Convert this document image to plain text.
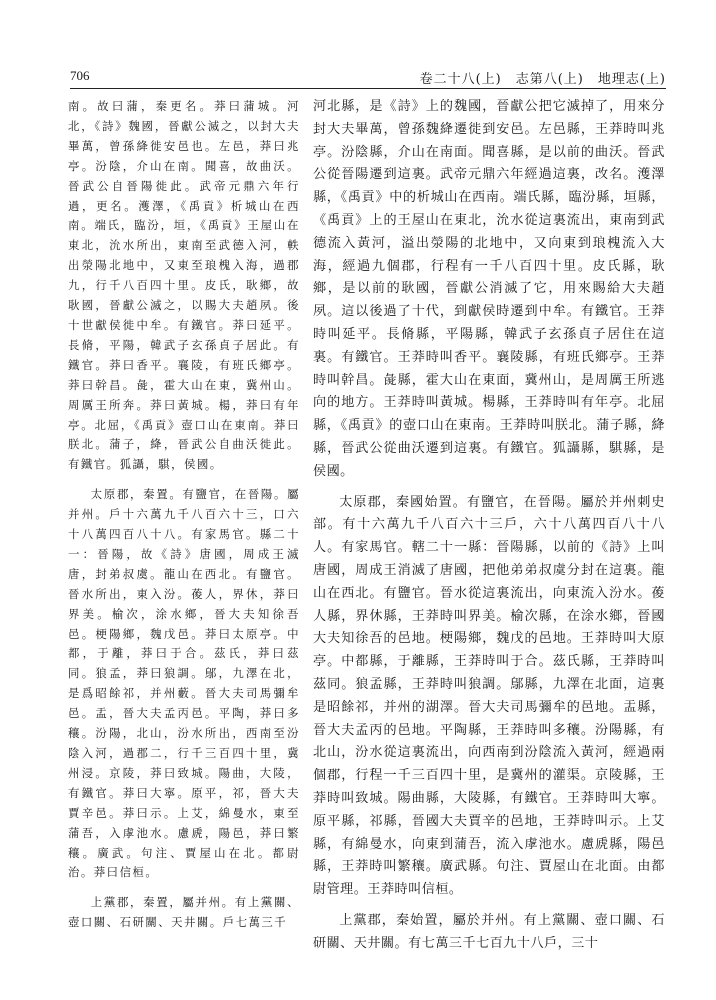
706	卷二十八(上)　志第八(上)　地理志(上)

南。故曰蒲，秦更名。莽曰蒲城。河北，《詩》魏國，晉獻公滅之，以封大夫畢萬，曾孫絳徙安邑也。左邑，莽曰兆亭。汾陰，介山在南。聞喜，故曲沃。晉武公自晉陽徙此。武帝元鼎六年行過，更名。濩澤，《禹貢》析城山在西南。端氏，臨汾，垣，《禹貢》王屋山在東北，沇水所出，東南至武德入河，軼出滎陽北地中，又東至琅槐入海，過郡九，行千八百四十里。皮氏，耿鄉，故耿國，晉獻公滅之，以賜大夫趙夙。後十世獻侯徙中牟。有鐵官。莽曰延平。長脩，平陽，韓武子玄孫貞子居此。有鐵官。莽曰香平。襄陵，有班氏鄉亭。莽曰幹昌。彘，霍大山在東，冀州山。周厲王所奔。莽曰黃城。楊，莽曰有年亭。北屈，《禹貢》壺口山在東南。莽曰朕北。蒲子，絳，晉武公自曲沃徙此。有鐵官。狐讘，騏，侯國。

太原郡，秦置。有鹽官，在晉陽。屬并州。戶十六萬九千八百六十三，口六十八萬四百八十八。有家馬官。縣二十一：晉陽，故《詩》唐國，周成王滅唐，封弟叔虞。龍山在西北。有鹽官。晉水所出，東入汾。葰人，界休，莽曰界美。榆次，涂水鄉，晉大夫知徐吾邑。梗陽鄉，魏戊邑。莽曰太原亭。中都，于離，莽曰于合。茲氏，莽曰茲同。狼孟，莽曰狼調。鄔，九澤在北，是爲昭餘祁，并州藪。晉大夫司馬彌牟邑。盂，晉大夫孟丙邑。平陶，莽曰多穰。汾陽，北山，汾水所出，西南至汾陰入河，過郡二，行千三百四十里，冀州浸。京陵，莽曰致城。陽曲，大陵，有鐵官。莽曰大寧。原平，祁，晉大夫賈辛邑。莽曰示。上艾，綿曼水，東至蒲吾，入虖池水。慮虒，陽邑，莽曰繁穰。廣武。句注、賈屋山在北。都尉治。莽曰信桓。

上黨郡，秦置，屬并州。有上黨關、壺口關、石研關、天井關。戶七萬三千

河北縣，是《詩》上的魏國，晉獻公把它滅掉了，用來分封大夫畢萬，曾孫魏絳遷徙到安邑。左邑縣，王莽時叫兆亭。汾陰縣，介山在南面。聞喜縣，是以前的曲沃。晉武公從晉陽遷到這裏。武帝元鼎六年經過這裏，改名。濩澤縣，《禹貢》中的析城山在西南。端氏縣，臨汾縣，垣縣，《禹貢》上的王屋山在東北，沇水從這裏流出，東南到武德流入黃河，溢出滎陽的北地中，又向東到琅槐流入大海，經過九個郡，行程有一千八百四十里。皮氏縣，耿鄉，是以前的耿國，晉獻公消滅了它，用來賜給大夫趙夙。這以後過了十代，到獻侯時遷到中牟。有鐵官。王莽時叫延平。長脩縣，平陽縣，韓武子玄孫貞子居住在這裏。有鐵官。王莽時叫香平。襄陵縣，有班氏鄉亭。王莽時叫幹昌。彘縣，霍大山在東面，冀州山，是周厲王所逃向的地方。王莽時叫黃城。楊縣，王莽時叫有年亭。北屈縣，《禹貢》的壺口山在東南。王莽時叫朕北。蒲子縣，絳縣，晉武公從曲沃遷到這裏。有鐵官。狐讘縣，騏縣，是侯國。

太原郡，秦國始置。有鹽官，在晉陽。屬於并州刺史部。有十六萬九千八百六十三戶，六十八萬四百八十八人。有家馬官。轄二十一縣：晉陽縣，以前的《詩》上叫唐國，周成王消滅了唐國，把他弟弟叔虞分封在這裏。龍山在西北。有鹽官。晉水從這裏流出，向東流入汾水。葰人縣，界休縣，王莽時叫界美。榆次縣，在涂水鄉，晉國大夫知徐吾的邑地。梗陽鄉，魏戊的邑地。王莽時叫大原亭。中都縣，于離縣，王莽時叫于合。茲氏縣，王莽時叫茲同。狼孟縣，王莽時叫狼調。鄔縣，九澤在北面，這裏是昭餘祁，并州的湖澤。晉大夫司馬彌牟的邑地。盂縣，晉大夫孟丙的邑地。平陶縣，王莽時叫多穰。汾陽縣，有北山，汾水從這裏流出，向西南到汾陰流入黃河，經過兩個郡，行程一千三百四十里，是冀州的灌渠。京陵縣，王莽時叫致城。陽曲縣，大陵縣，有鐵官。王莽時叫大寧。原平縣，祁縣，晉國大夫賈辛的邑地，王莽時叫示。上艾縣，有綿曼水，向東到蒲吾，流入虖池水。慮虒縣，陽邑縣，王莽時叫繁穰。廣武縣。句注、賈屋山在北面。由都尉管理。王莽時叫信桓。

上黨郡，秦始置，屬於并州。有上黨關、壺口關、石研關、天井關。有七萬三千七百九十八戶，三十
